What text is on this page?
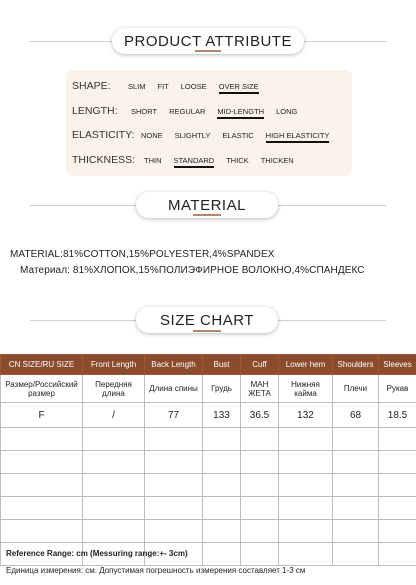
PRODUCT ATTRIBUTE
SHAPE:	SLIM FIT LOOSE OVER SIZE
LENGTH:	SHORT REGULAR MID-LENGTH LONG
ELASTICITY: NONE SLIGHTLY ELASTIC HIGH ELASTICITY
THICKNESS:	THIN STANDARD THICK THICKEN
MATERIAL
MATERIAL:81%COTTON,15%POLYESTER,4%SPANDEX
Материал: 81%ХЛОПОК,15%ПОЛИЭФИРНОЕ ВОЛОКНО,4%СПАНДЕКС
SIZE CHART
CN SIZE/RU SIZE	Front Length	Back Length	Bust	Cuff	Lower hem	Shoulders	Sleeves
Размер/Российский размер	Передняя длина	Длина спины	Грудь	МАН ЖЕТА	Нижняя кайма	Плечи	Рукав
F	/	77	133	36.5	132	68	18.5

Reference Range: cm (Messuring range:+- 3cm)
Единица измерения: см. Допустимая погрешность измерения составляет 1-3 см
